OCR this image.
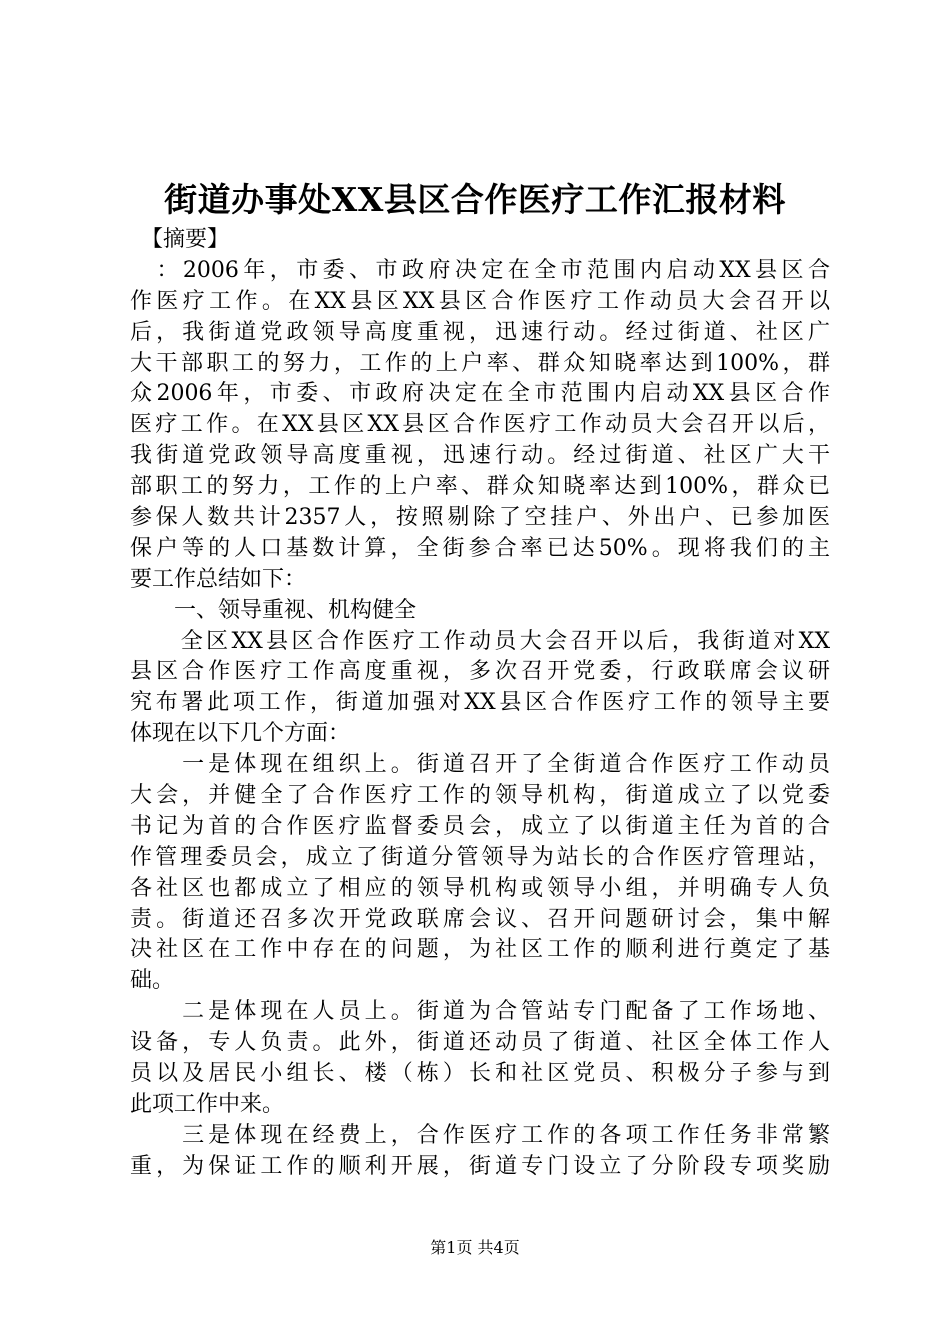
街道办事处XX县区合作医疗工作汇报材料
　【摘要】
　：2006年，市委、市政府决定在全市范围内启动XX县区合
作医疗工作。在XX县区XX县区合作医疗工作动员大会召开以
后，我街道党政领导高度重视，迅速行动。经过街道、社区广
大干部职工的努力，工作的上户率、群众知晓率达到100%，群
众2006年，市委、市政府决定在全市范围内启动XX县区合作
医疗工作。在XX县区XX县区合作医疗工作动员大会召开以后，
我街道党政领导高度重视，迅速行动。经过街道、社区广大干
部职工的努力，工作的上户率、群众知晓率达到100%，群众已
参保人数共计2357人，按照剔除了空挂户、外出户、已参加医
保户等的人口基数计算，全街参合率已达50%。现将我们的主
要工作总结如下：
　　一、领导重视、机构健全
　　全区XX县区合作医疗工作动员大会召开以后，我街道对XX
县区合作医疗工作高度重视，多次召开党委，行政联席会议研
究布署此项工作，街道加强对XX县区合作医疗工作的领导主要
体现在以下几个方面：
　　一是体现在组织上。街道召开了全街道合作医疗工作动员
大会，并健全了合作医疗工作的领导机构，街道成立了以党委
书记为首的合作医疗监督委员会，成立了以街道主任为首的合
作管理委员会，成立了街道分管领导为站长的合作医疗管理站，
各社区也都成立了相应的领导机构或领导小组，并明确专人负
责。街道还召多次开党政联席会议、召开问题研讨会，集中解
决社区在工作中存在的问题，为社区工作的顺利进行奠定了基
础。
　　二是体现在人员上。街道为合管站专门配备了工作场地、
设备，专人负责。此外，街道还动员了街道、社区全体工作人
员以及居民小组长、楼（栋）长和社区党员、积极分子参与到
此项工作中来。
　　三是体现在经费上，合作医疗工作的各项工作任务非常繁
重，为保证工作的顺利开展，街道专门设立了分阶段专项奖励
第1页 共4页
